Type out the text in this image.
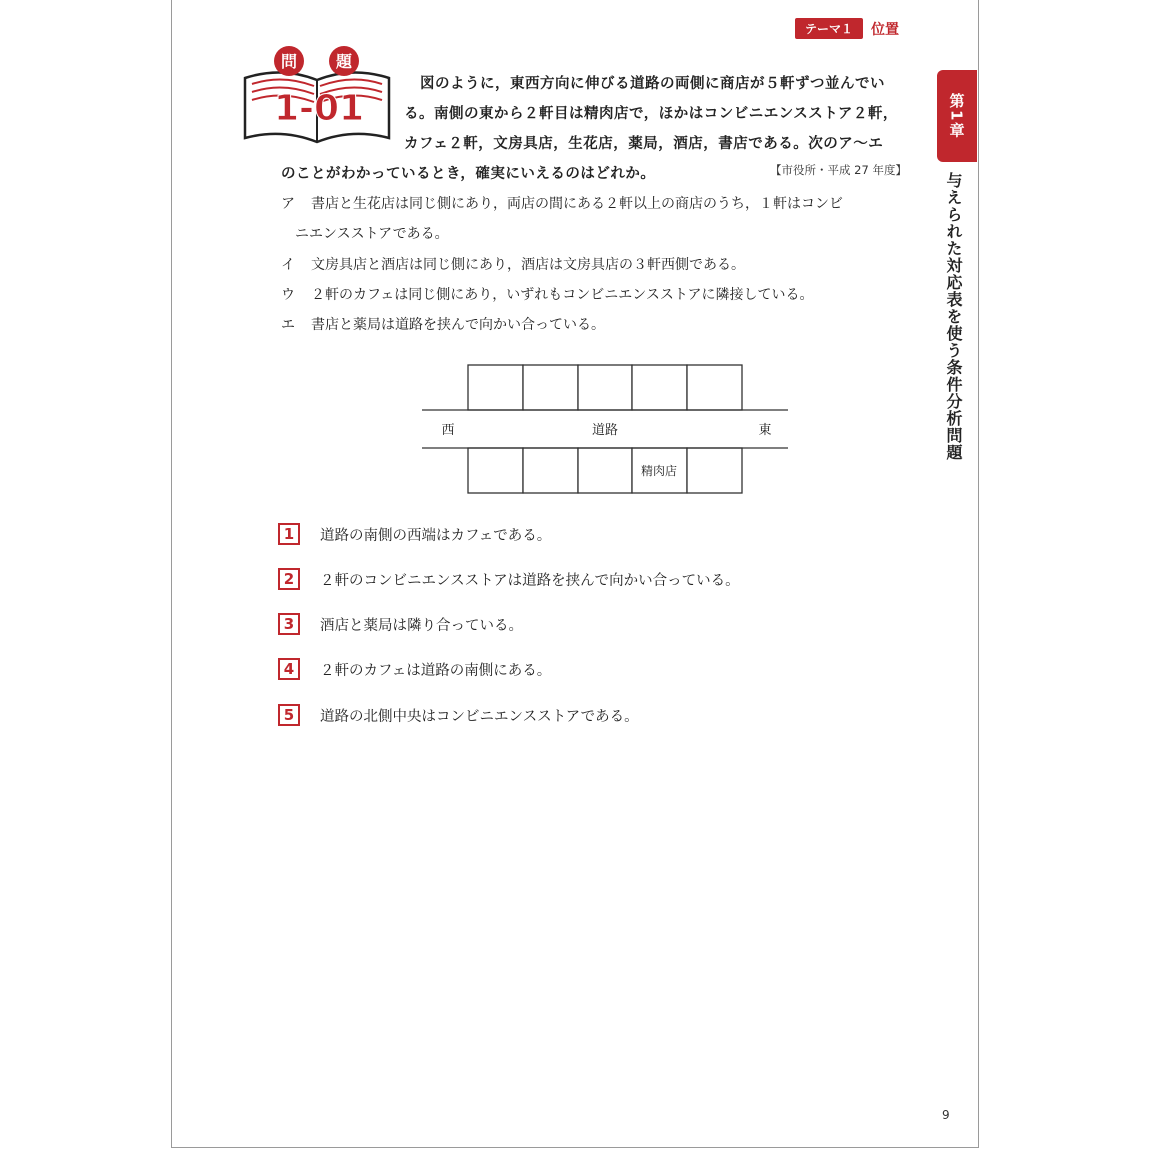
テーマ１	位置
第1章
与えられた対応表を使う条件分析問題
問 題
1-01
図のように，東西方向に伸びる道路の両側に商店が５軒ずつ並んでい
る。南側の東から２軒目は精肉店で，ほかはコンビニエンスストア２軒，
カフェ２軒，文房具店，生花店，薬局，酒店，書店である。次のア～エ
のことがわかっているとき，確実にいえるのはどれか。	【市役所・平成 27 年度】
ア 書店と生花店は同じ側にあり，両店の間にある２軒以上の商店のうち，１軒はコンビ
ニエンスストアである。
イ 文房具店と酒店は同じ側にあり，酒店は文房具店の３軒西側である。
ウ ２軒のカフェは同じ側にあり，いずれもコンビニエンスストアに隣接している。
エ 書店と薬局は道路を挟んで向かい合っている。
西	道路	東
精肉店
1	道路の南側の西端はカフェである。
2	２軒のコンビニエンスストアは道路を挟んで向かい合っている。
3	酒店と薬局は隣り合っている。
4	２軒のカフェは道路の南側にある。
5	道路の北側中央はコンビニエンスストアである。
9
